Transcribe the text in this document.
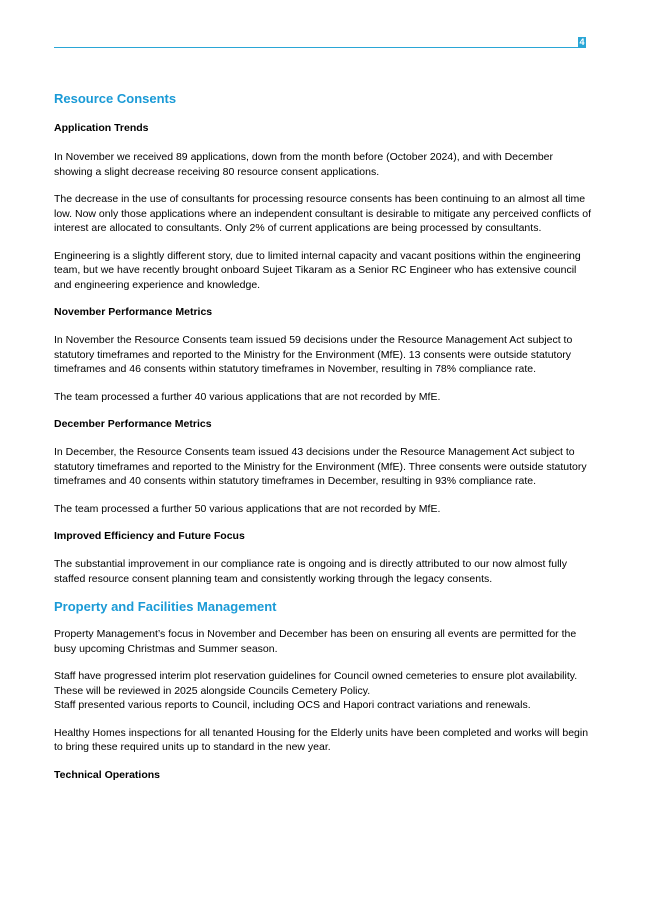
4
Resource Consents
Application Trends

In November we received 89 applications, down from the month before (October 2024), and with December showing a slight decrease receiving 80 resource consent applications.

The decrease in the use of consultants for processing resource consents has been continuing to an almost all time low. Now only those applications where an independent consultant is desirable to mitigate any perceived conflicts of interest are allocated to consultants. Only 2% of current applications are being processed by consultants.

Engineering is a slightly different story, due to limited internal capacity and vacant positions within the engineering team, but we have recently brought onboard Sujeet Tikaram as a Senior RC Engineer who has extensive council and engineering experience and knowledge.

November Performance Metrics

In November the Resource Consents team issued 59 decisions under the Resource Management Act subject to statutory timeframes and reported to the Ministry for the Environment (MfE). 13 consents were outside statutory timeframes and 46 consents within statutory timeframes in November, resulting in 78% compliance rate.

The team processed a further 40 various applications that are not recorded by MfE.

December Performance Metrics

In December, the Resource Consents team issued 43 decisions under the Resource Management Act subject to statutory timeframes and reported to the Ministry for the Environment (MfE). Three consents were outside statutory timeframes and 40 consents within statutory timeframes in December, resulting in 93% compliance rate.

The team processed a further 50 various applications that are not recorded by MfE.

Improved Efficiency and Future Focus

The substantial improvement in our compliance rate is ongoing and is directly attributed to our now almost fully staffed resource consent planning team and consistently working through the legacy consents.

Property and Facilities Management

Property Management’s focus in November and December has been on ensuring all events are permitted for the busy upcoming Christmas and Summer season.

Staff have progressed interim plot reservation guidelines for Council owned cemeteries to ensure plot availability. These will be reviewed in 2025 alongside Councils Cemetery Policy.

Staff presented various reports to Council, including OCS and Hapori contract variations and renewals.

Healthy Homes inspections for all tenanted Housing for the Elderly units have been completed and works will begin to bring these required units up to standard in the new year.

Technical Operations
